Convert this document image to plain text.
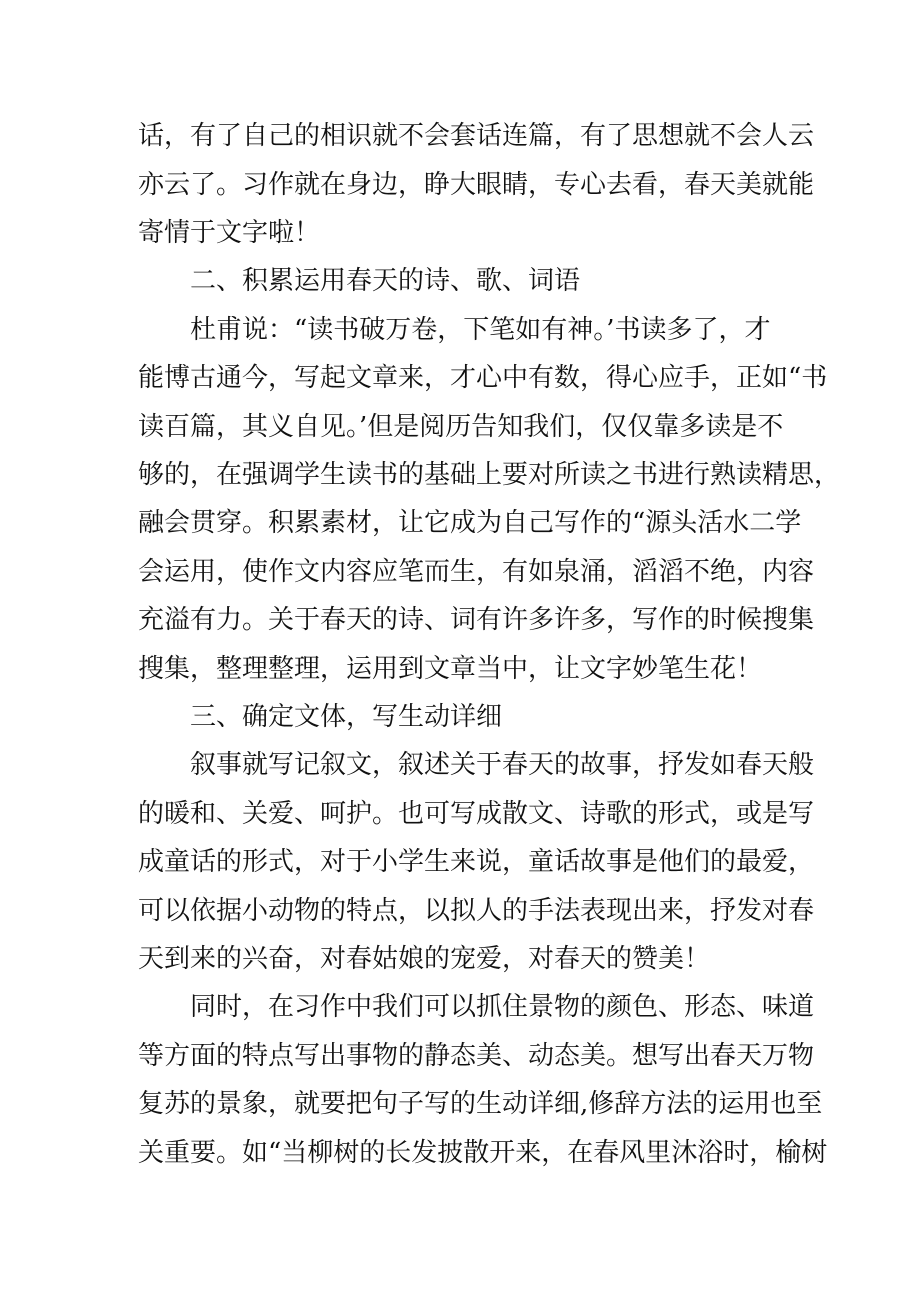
话，有了自己的相识就不会套话连篇，有了思想就不会人云
亦云了。习作就在身边，睁大眼睛，专心去看，春天美就能
寄情于文字啦！
二、积累运用春天的诗、歌、词语
杜甫说：“读书破万卷，下笔如有神。’书读多了，才
能博古通今，写起文章来，才心中有数，得心应手，正如“书
读百篇，其义自见。’但是阅历告知我们，仅仅靠多读是不
够的，在强调学生读书的基础上要对所读之书进行熟读精思，
融会贯穿。积累素材，让它成为自己写作的“源头活水二学
会运用，使作文内容应笔而生，有如泉涌，滔滔不绝，内容
充溢有力。关于春天的诗、词有许多许多，写作的时候搜集
搜集，整理整理，运用到文章当中，让文字妙笔生花！
三、确定文体，写生动详细
叙事就写记叙文，叙述关于春天的故事，抒发如春天般
的暖和、关爱、呵护。也可写成散文、诗歌的形式，或是写
成童话的形式，对于小学生来说，童话故事是他们的最爱，
可以依据小动物的特点，以拟人的手法表现出来，抒发对春
天到来的兴奋，对春姑娘的宠爱，对春天的赞美！
同时，在习作中我们可以抓住景物的颜色、形态、味道
等方面的特点写出事物的静态美、动态美。想写出春天万物
复苏的景象，就要把句子写的生动详细,修辞方法的运用也至
关重要。如“当柳树的长发披散开来，在春风里沐浴时，榆树
